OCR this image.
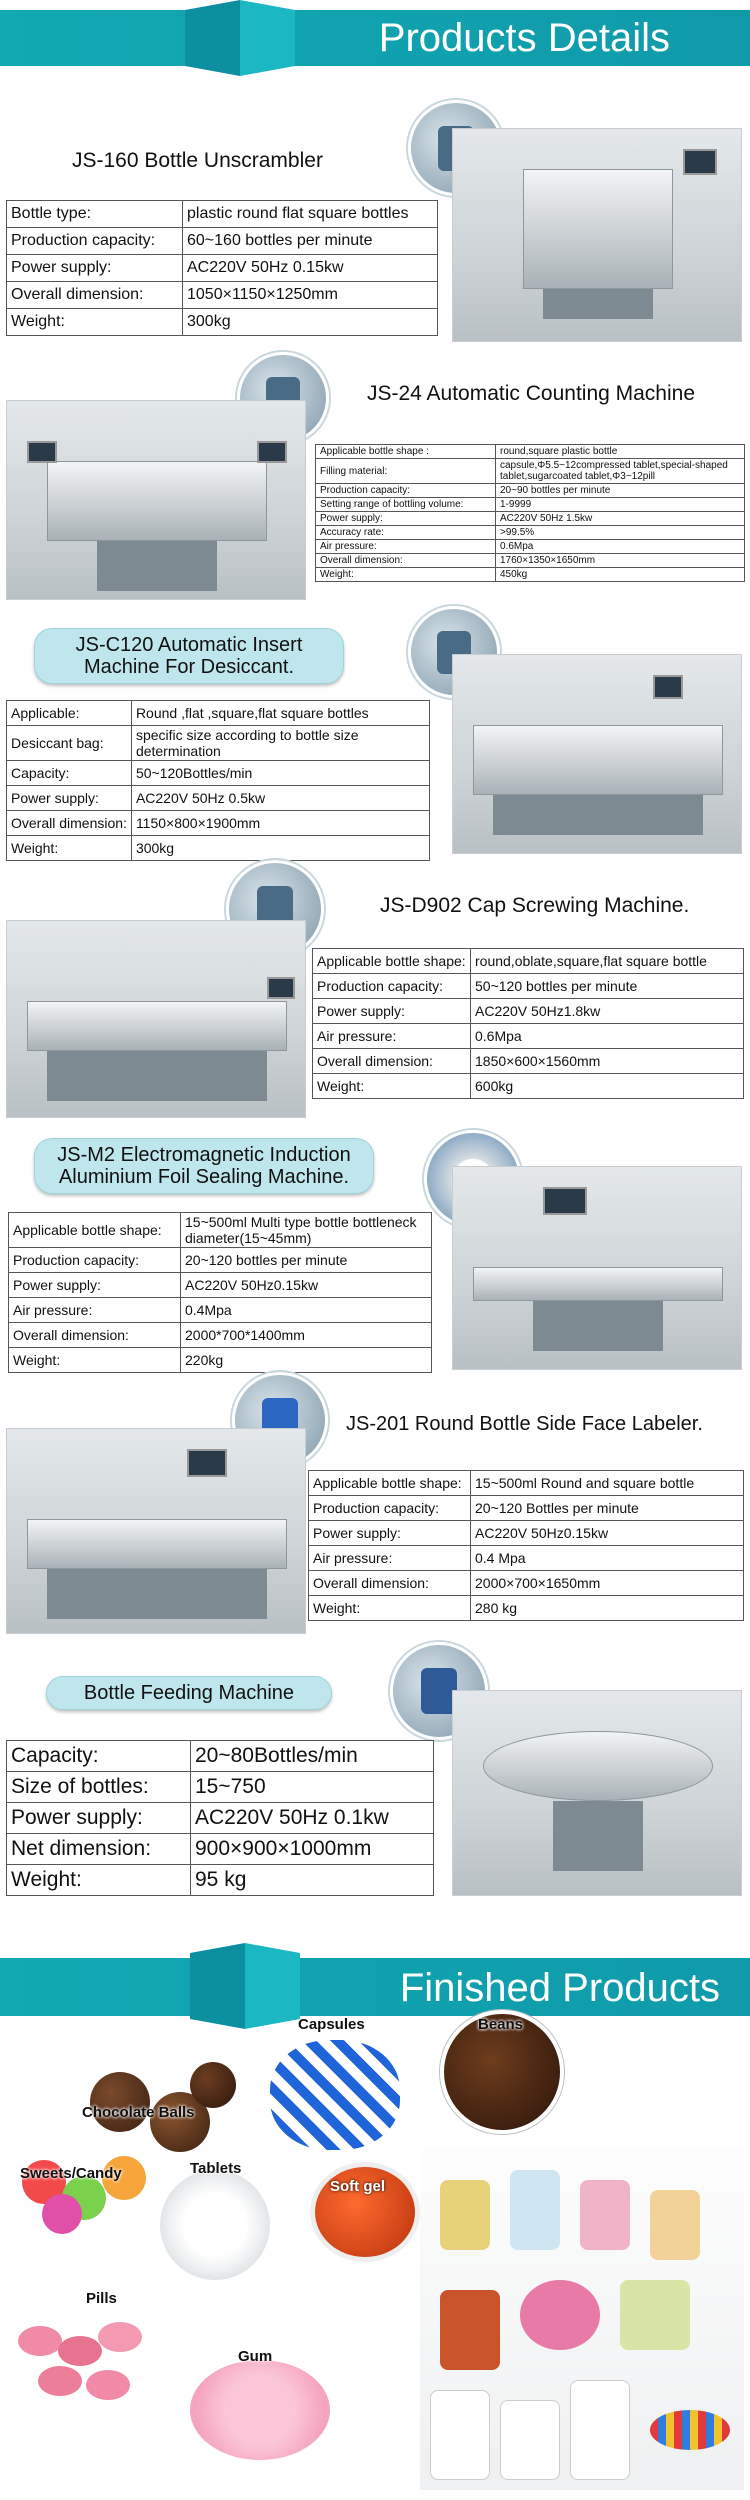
Products Details
JS-160 Bottle Unscrambler
Bottle type:	plastic round flat square bottles
Production capacity:	60~160 bottles per minute
Power supply:	AC220V 50Hz 0.15kw
Overall dimension:	1050×1150×1250mm
Weight:	300kg
JS-24 Automatic Counting Machine
Applicable bottle shape :	round,square plastic bottle
Filling material:	capsule,Φ5.5~12compressed tablet,special-shaped tablet,sugarcoated tablet,Φ3~12pill
Production capacity:	20~90 bottles per minute
Setting range of bottling volume:	1-9999
Power supply:	AC220V 50Hz 1.5kw
Accuracy rate:	>99.5%
Air pressure:	0.6Mpa
Overall dimension:	1760×1350×1650mm
Weight:	450kg
JS-C120 Automatic Insert
Machine For Desiccant.
Applicable:	Round ,flat ,square,flat square bottles
Desiccant bag:	specific size according to bottle size determination
Capacity:	50~120Bottles/min
Power supply:	AC220V 50Hz 0.5kw
Overall dimension:	1150×800×1900mm
Weight:	300kg
JS-D902 Cap Screwing Machine.
Applicable bottle shape:	round,oblate,square,flat square bottle
Production capacity:	50~120 bottles per minute
Power supply:	AC220V 50Hz1.8kw
Air pressure:	0.6Mpa
Overall dimension:	1850×600×1560mm
Weight:	600kg
JS-M2 Electromagnetic Induction
Aluminium Foil Sealing Machine.
Applicable bottle shape:	15~500ml Multi type bottle bottleneck diameter(15~45mm)
Production capacity:	20~120 bottles per minute
Power supply:	AC220V 50Hz0.15kw
Air pressure:	0.4Mpa
Overall dimension:	2000*700*1400mm
Weight:	220kg
JS-201 Round Bottle Side Face Labeler.
Applicable bottle shape:	15~500ml Round and square bottle
Production capacity:	20~120 Bottles per minute
Power supply:	AC220V 50Hz0.15kw
Air pressure:	0.4 Mpa
Overall dimension:	2000×700×1650mm
Weight:	280 kg
Bottle Feeding Machine
Capacity:	20~80Bottles/min
Size of bottles:	15~750
Power supply:	AC220V 50Hz 0.1kw
Net dimension:	900×900×1000mm
Weight:	95 kg
Finished Products
Chocolate Balls
Capsules	Beans
Sweets/Candy	Tablets
Soft gel
Pills
Gum
